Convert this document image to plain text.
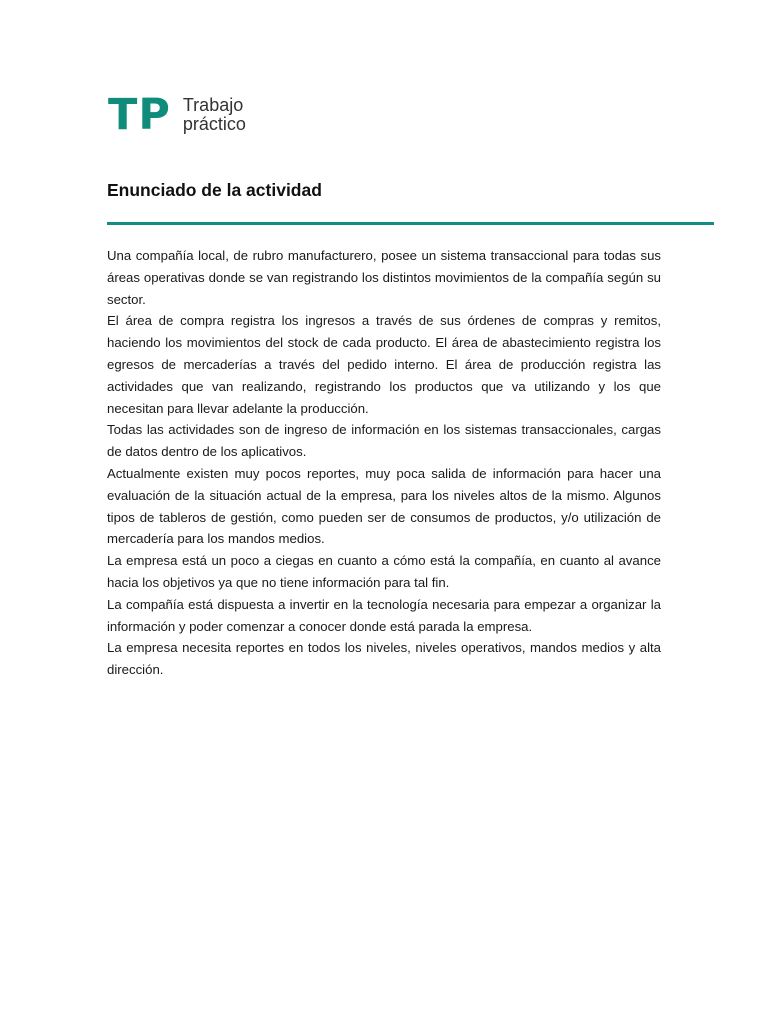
TP Trabajo
práctico
Enunciado de la actividad

Una compañía local, de rubro manufacturero, posee un sistema transaccional para todas sus áreas operativas donde se van registrando los distintos movimientos de la compañía según su sector.

El área de compra registra los ingresos a través de sus órdenes de compras y remitos, haciendo los movimientos del stock de cada producto. El área de abastecimiento registra los egresos de mercaderías a través del pedido interno. El área de producción registra las actividades que van realizando, registrando los productos que va utilizando y los que necesitan para llevar adelante la producción.

Todas las actividades son de ingreso de información en los sistemas transaccionales, cargas de datos dentro de los aplicativos.

Actualmente existen muy pocos reportes, muy poca salida de información para hacer una evaluación de la situación actual de la empresa, para los niveles altos de la mismo. Algunos tipos de tableros de gestión, como pueden ser de consumos de productos, y/o utilización de mercadería para los mandos medios.

La empresa está un poco a ciegas en cuanto a cómo está la compañía, en cuanto al avance hacia los objetivos ya que no tiene información para tal fin.

La compañía está dispuesta a invertir en la tecnología necesaria para empezar a organizar la información y poder comenzar a conocer donde está parada la empresa.

La empresa necesita reportes en todos los niveles, niveles operativos, mandos medios y alta dirección.
